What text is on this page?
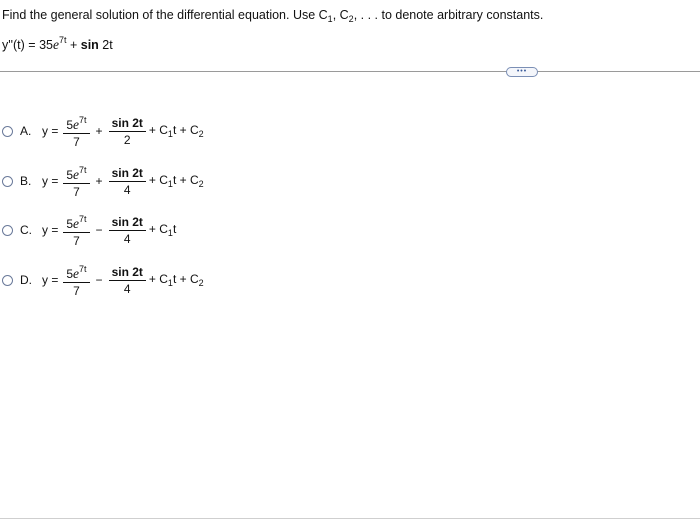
Find the general solution of the differential equation. Use $C_1$, $C_2$, . . . to denote arbitrary constants.
$y''(t) = 35e^{7t} + \sin 2t$
•••
A. $y = \frac{5e^{7t}}{7} + \frac{\sin 2t}{2} + C_1t + C_2$
B. $y = \frac{5e^{7t}}{7} + \frac{\sin 2t}{4} + C_1t + C_2$
C. $y = \frac{5e^{7t}}{7} - \frac{\sin 2t}{4} + C_1t$
D. $y = \frac{5e^{7t}}{7} - \frac{\sin 2t}{4} + C_1t + C_2$
